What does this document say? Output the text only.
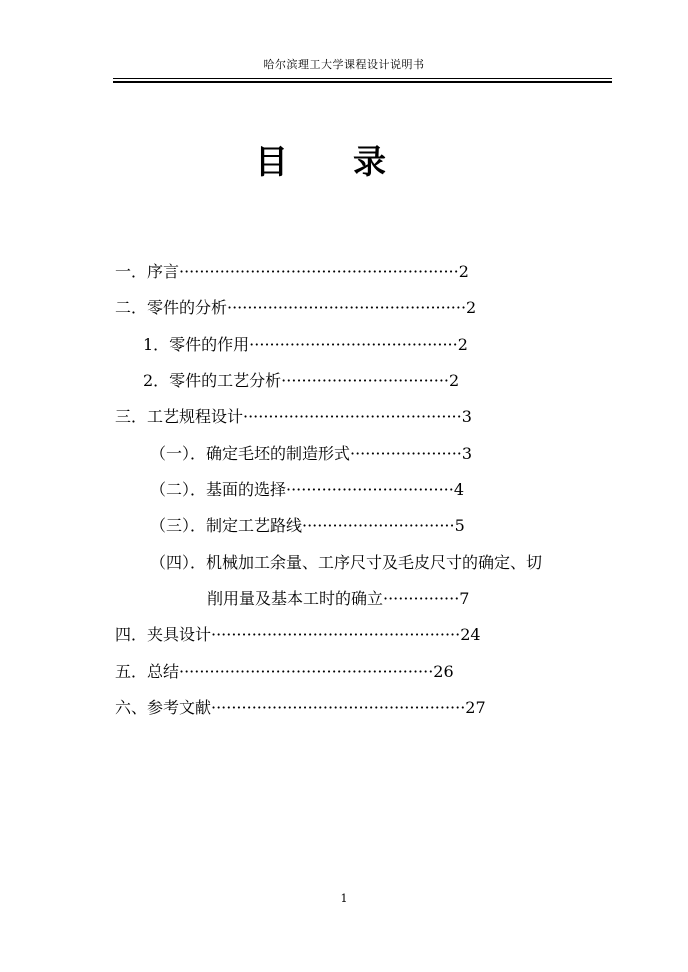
哈尔滨理工大学课程设计说明书
目 录
一．序言·······················································2
二．零件的分析···············································2
1．零件的作用·········································2
2．零件的工艺分析·································2
三．工艺规程设计···········································3
（一）．确定毛坯的制造形式······················3
（二）．基面的选择·································4
（三）．制定工艺路线······························5
（四）．机械加工余量、工序尺寸及毛皮尺寸的确定、切
削用量及基本工时的确立···············7
四．夹具设计·················································24
五．总结··················································26
六、参考文献··················································27
1
